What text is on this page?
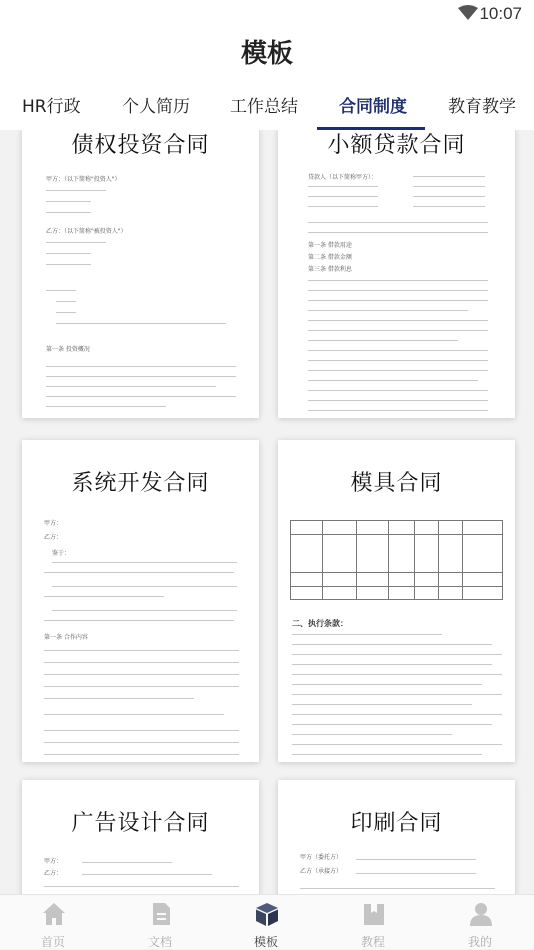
10:07
模板
HR行政 个人简历 工作总结 合同制度 教育教学
债权投资合同
甲方：（以下简称"投资人"）
乙方：（以下简称"被投资人"）
第一条 投资概况
小额贷款合同
贷款人（以下简称甲方）：
第一条 借款用途
第二条 借款金额
第三条 借款利息
系统开发合同
甲方：
乙方：
鉴于：
第一条 合作内容
模具合同
二、执行条款：
广告设计合同
甲方：
乙方：
印刷合同
甲方（委托方）
乙方（承接方）
首页	文档	模板	教程	我的
